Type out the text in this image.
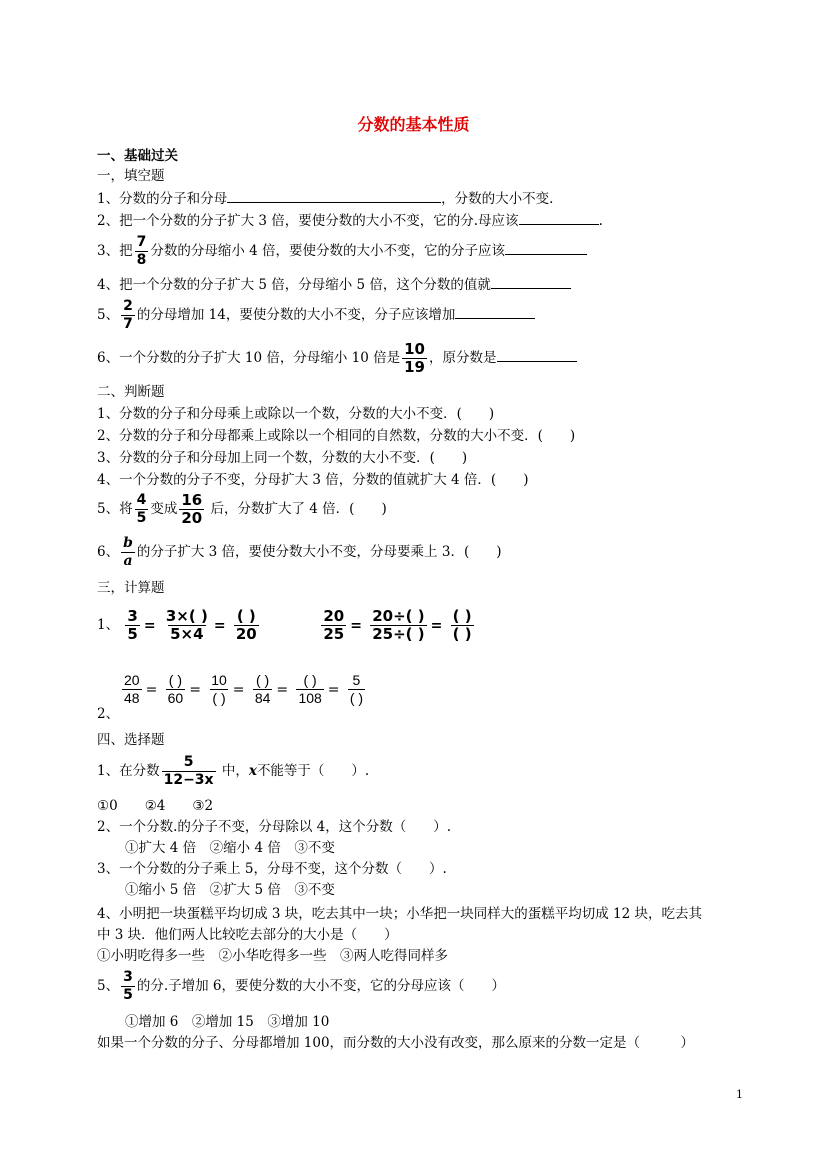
分数的基本性质
一、基础过关
一，填空题
1、分数的分子和分母	，分数的大小不变.
2、把一个分数的分子扩大 3 倍，要使分数的大小不变，它的分.母应该	.
3、把 $\frac{7}{8}$ 分数的分母缩小 4 倍，要使分数的大小不变，它的分子应该
4、把一个分数的分子扩大 5 倍，分母缩小 5 倍，这个分数的值就
5、 $\frac{2}{7}$ 的分母增加 14，要使分数的大小不变，分子应该增加
6、一个分数的分子扩大 10 倍，分母缩小 10 倍是 $\frac{10}{19}$ ，原分数是
二、判断题
1、分数的分子和分母乘上或除以一个数，分数的大小不变．(　　)
2、分数的分子和分母都乘上或除以一个相同的自然数，分数的大小不变．(　　)
3、分数的分子和分母加上同一个数，分数的大小不变．(　　)
4、一个分数的分子不变，分母扩大 3 倍，分数的值就扩大 4 倍．(　　)
5、将 $\frac{4}{5}$ 变成 $\frac{16}{20}$ 后，分数扩大了 4 倍．(　　)
6、 $\frac{b}{a}$ 的分子扩大 3 倍，要使分数大小不变，分母要乘上 3．(　　)
三，计算题
1、 $\frac{3}{5} = \frac{3\times( )}{5\times 4} = \frac{( )}{20}$
	$\frac{20}{25} = \frac{20\div( )}{25\div( )} = \frac{( )}{( )}$
$\frac{20}{48} = \frac{( )}{60} = \frac{10}{( )} = \frac{( )}{84} = \frac{( )}{108} = \frac{5}{( )}$
2、
四、选择题
1、在分数 $\frac{5}{12-3x}$ 中，x不能等于（　　）.
①0　　②4　　③2
2、一个分数.的分子不变，分母除以 4，这个分数（　　）.
①扩大 4 倍　②缩小 4 倍　③不变
3、一个分数的分子乘上 5，分母不变，这个分数（　　）.
①缩小 5 倍　②扩大 5 倍　③不变
4、小明把一块蛋糕平均切成 3 块，吃去其中一块；小华把一块同样大的蛋糕平均切成 12 块，吃去其
中 3 块．他们两人比较吃去部分的大小是（　　）
①小明吃得多一些　②小华吃得多一些　③两人吃得同样多
5、 $\frac{3}{5}$ 的分.子增加 6，要使分数的大小不变，它的分母应该（　　）
①增加 6　②增加 15　③增加 10
如果一个分数的分子、分母都增加 100，而分数的大小没有改变，那么原来的分数一定是（　　　）
1
